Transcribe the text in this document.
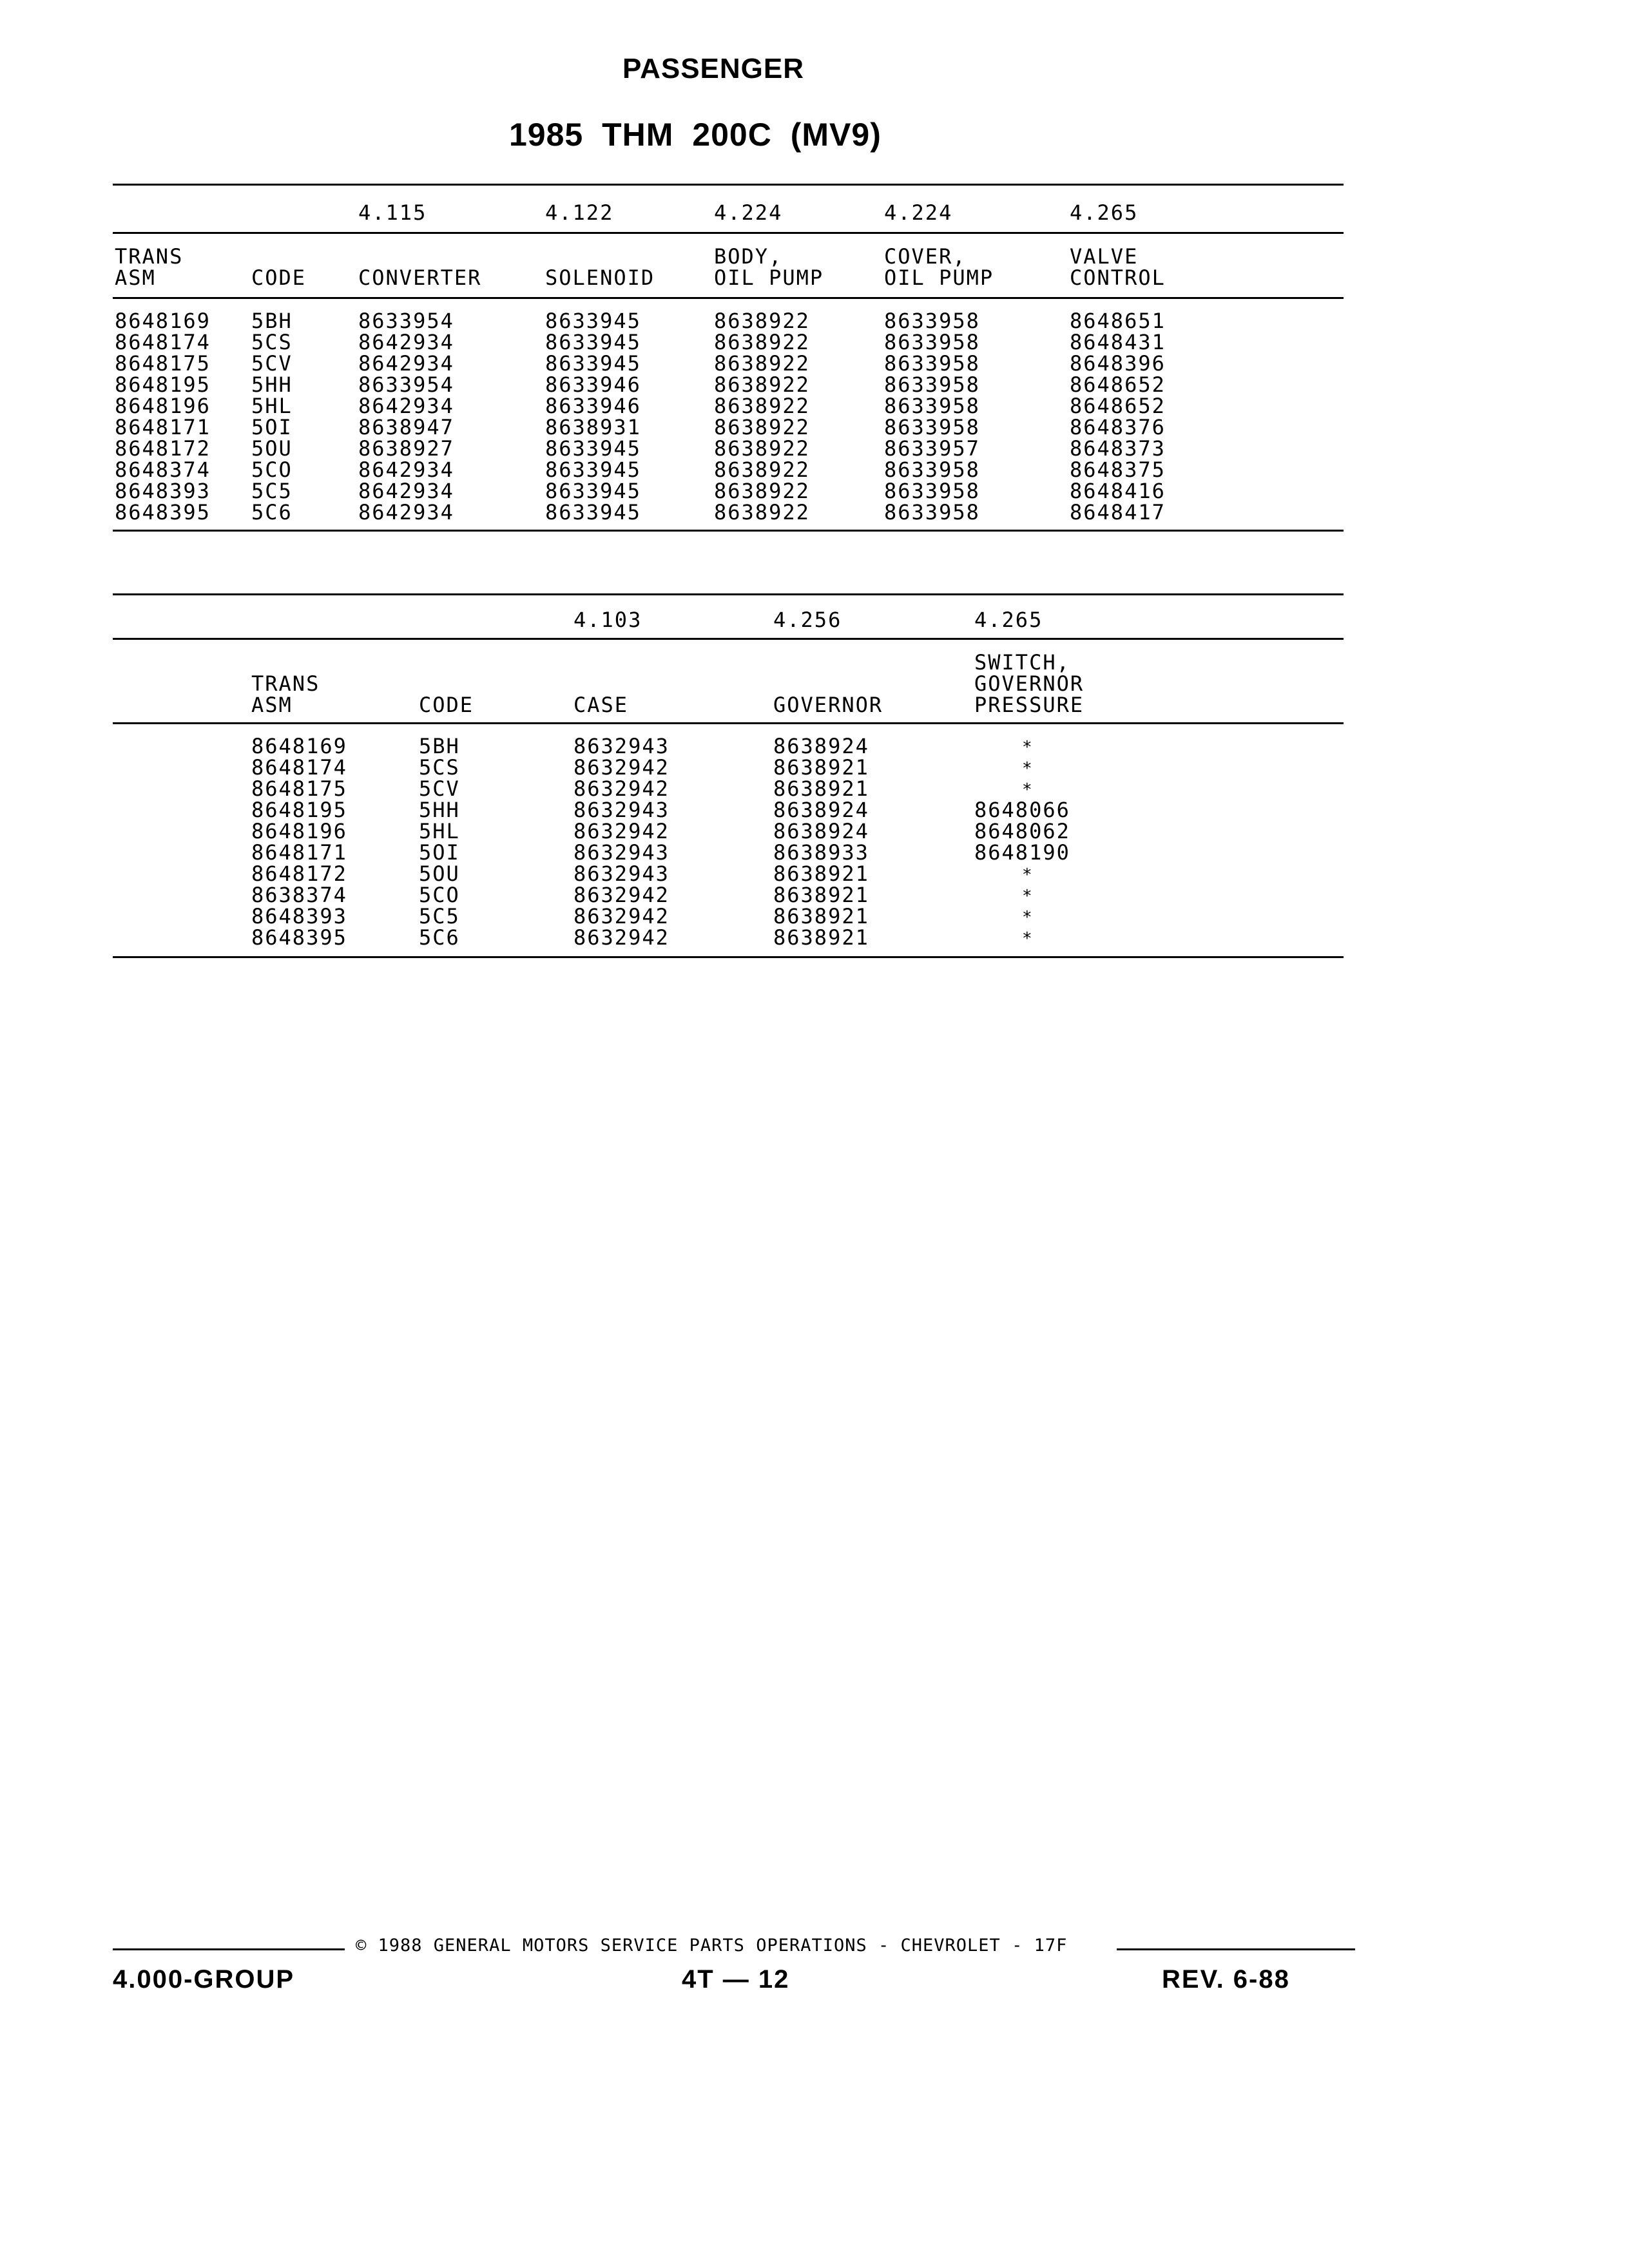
PASSENGER
1985 THM 200C (MV9)
4.115	4.122	4.224	4.224	4.265
TRANS
ASM	CODE	CONVERTER	SOLENOID
BODY,
OIL PUMP
COVER,
OIL PUMP
VALVE
CONTROL
8648169 5BH	8633954	8633945	8638922	8633958	8648651
8648174 5CS	8642934	8633945	8638922	8633958	8648431
8648175 5CV	8642934	8633945	8638922	8633958	8648396
8648195 5HH	8633954	8633946	8638922	8633958	8648652
8648196 5HL	8642934	8633946	8638922	8633958	8648652
8648171 5OI	8638947	8638931	8638922	8633958	8648376
8648172 5OU	8638927	8633945	8638922	8633957	8648373
8648374 5CO	8642934	8633945	8638922	8633958	8648375
8648393 5C5	8642934	8633945	8638922	8633958	8648416
8648395 5C6	8642934	8633945	8638922	8633958	8648417
4.103	4.256	4.265
TRANS
ASM	CODE	CASE	GOVERNOR
SWITCH,
GOVERNOR
PRESSURE
8648169	5BH	8632943	8638924	*
8648174	5CS	8632942	8638921	*
8648175	5CV	8632942	8638921	*
8648195	5HH	8632943	8638924	8648066
8648196	5HL	8632942	8638924	8648062
8648171	5OI	8632943	8638933	8648190
8648172	5OU	8632943	8638921	*
8638374	5CO	8632942	8638921	*
8648393	5C5	8632942	8638921	*
8648395	5C6	8632942	8638921	*
© 1988 GENERAL MOTORS SERVICE PARTS OPERATIONS - CHEVROLET - 17F
4.000-GROUP	4T — 12	REV. 6-88
